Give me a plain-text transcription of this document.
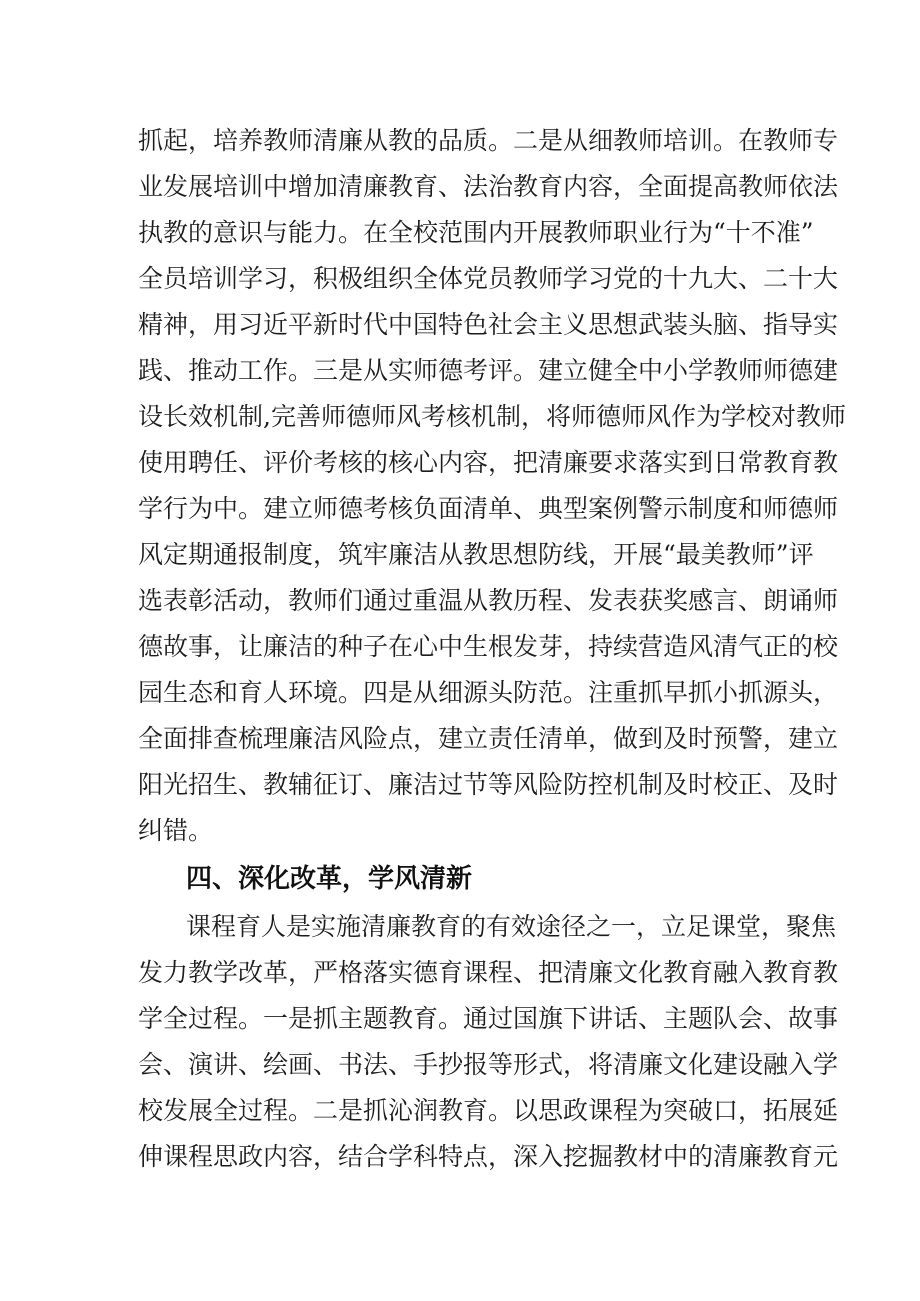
抓起，培养教师清廉从教的品质。二是从细教师培训。在教师专
业发展培训中增加清廉教育、法治教育内容，全面提高教师依法
执教的意识与能力。在全校范围内开展教师职业行为“十不准”
全员培训学习，积极组织全体党员教师学习党的十九大、二十大
精神，用习近平新时代中国特色社会主义思想武装头脑、指导实
践、推动工作。三是从实师德考评。建立健全中小学教师师德建
设长效机制,完善师德师风考核机制，将师德师风作为学校对教师
使用聘任、评价考核的核心内容，把清廉要求落实到日常教育教
学行为中。建立师德考核负面清单、典型案例警示制度和师德师
风定期通报制度，筑牢廉洁从教思想防线，开展“最美教师”评
选表彰活动，教师们通过重温从教历程、发表获奖感言、朗诵师
德故事，让廉洁的种子在心中生根发芽，持续营造风清气正的校
园生态和育人环境。四是从细源头防范。注重抓早抓小抓源头，
全面排查梳理廉洁风险点，建立责任清单，做到及时预警，建立
阳光招生、教辅征订、廉洁过节等风险防控机制及时校正、及时
纠错。
四、深化改革，学风清新
课程育人是实施清廉教育的有效途径之一，立足课堂，聚焦
发力教学改革，严格落实德育课程、把清廉文化教育融入教育教
学全过程。一是抓主题教育。通过国旗下讲话、主题队会、故事
会、演讲、绘画、书法、手抄报等形式，将清廉文化建设融入学
校发展全过程。二是抓沁润教育。以思政课程为突破口，拓展延
伸课程思政内容，结合学科特点，深入挖掘教材中的清廉教育元
